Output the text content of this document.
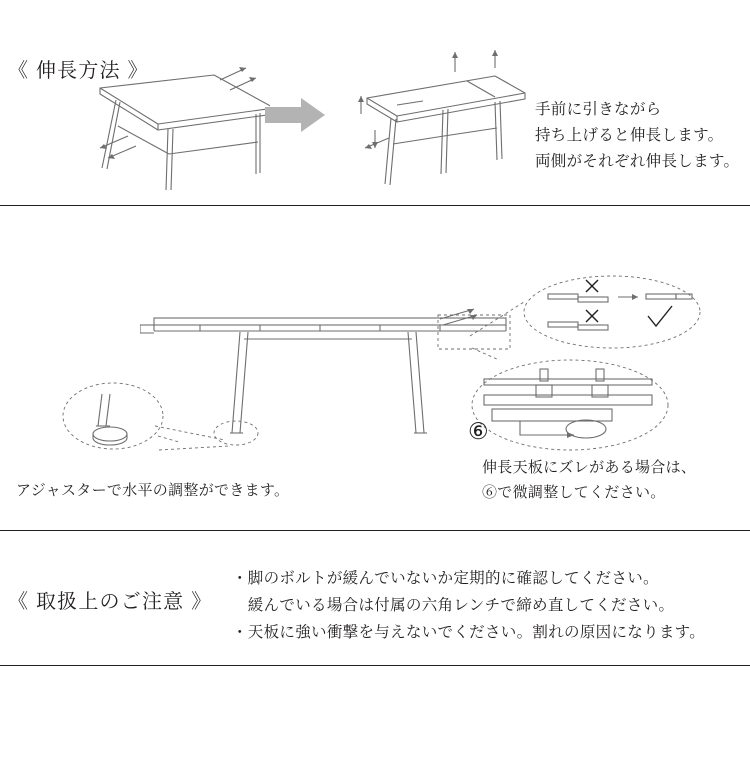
《 伸長方法 》
手前に引きながら
持ち上げると伸長します。
両側がそれぞれ伸長します。
⑥
アジャスターで水平の調整ができます。
伸長天板にズレがある場合は、
⑥で微調整してください。
《 取扱上のご注意 》
・脚のボルトが緩んでいないか定期的に確認してください。
　緩んでいる場合は付属の六角レンチで締め直してください。
・天板に強い衝撃を与えないでください。割れの原因になります。
